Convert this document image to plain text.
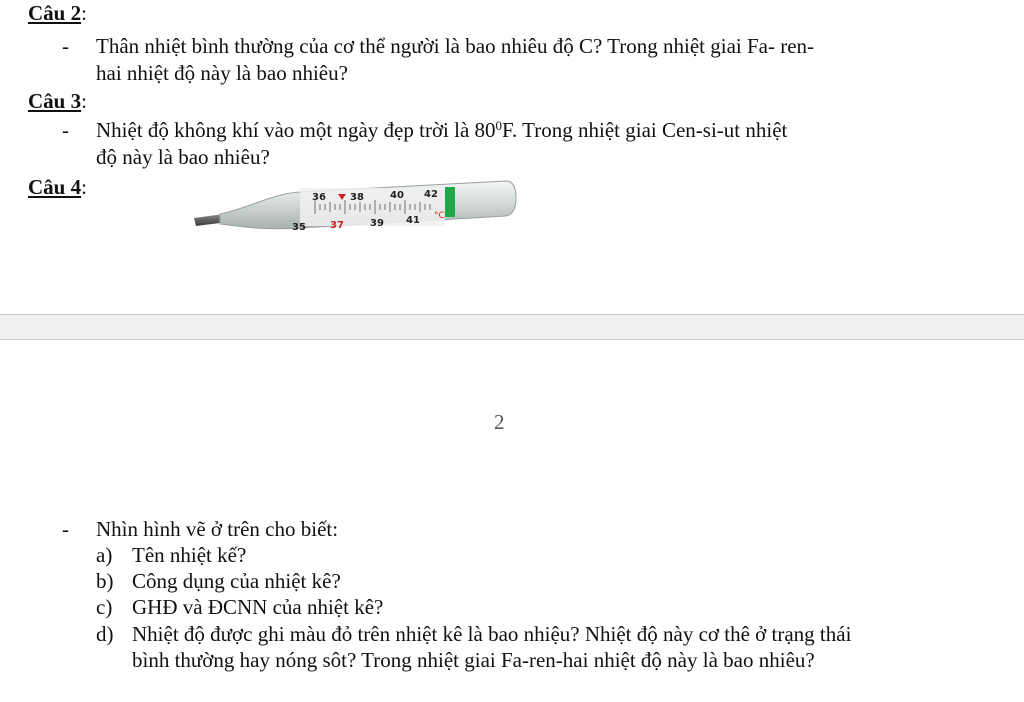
Câu 2:
- Thân nhiệt bình thường của cơ thể người là bao nhiêu độ C? Trong nhiệt giai Fa- ren-
hai nhiệt độ này là bao nhiêu?
Câu 3:
- Nhiệt độ không khí vào một ngày đẹp trời là $80^0F$. Trong nhiệt giai Cen-si-ut nhiệt
độ này là bao nhiêu?
Câu 4:	36 38	40 42
35 37	39 41 °C
2
- Nhìn hình vẽ ở trên cho biết:
a) Tên nhiệt kế?
b) Công dụng của nhiệt kê?
c) GHĐ và ĐCNN của nhiệt kê?
d) Nhiệt độ được ghi màu đỏ trên nhiệt kê là bao nhiệu? Nhiệt độ này cơ thê ở trạng thái
bình thường hay nóng sôt? Trong nhiệt giai Fa-ren-hai nhiệt độ này là bao nhiêu?
